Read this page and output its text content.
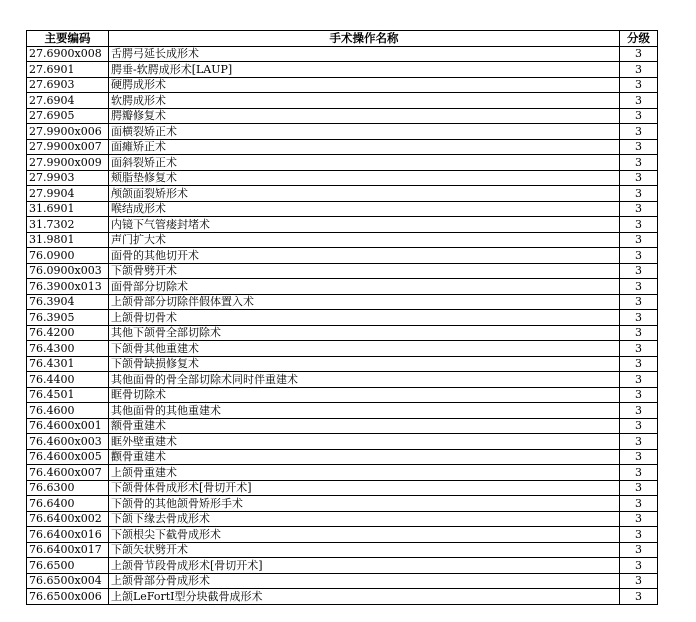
主要编码	手术操作名称	分级
27.6900x008	舌腭弓延长成形术	3
27.6901	腭垂-软腭成形术[LAUP]	3
27.6903	硬腭成形术	3
27.6904	软腭成形术	3
27.6905	腭瓣修复术	3
27.9900x006	面横裂矫正术	3
27.9900x007	面瘫矫正术	3
27.9900x009	面斜裂矫正术	3
27.9903	颊脂垫修复术	3
27.9904	颅颌面裂矫形术	3
31.6901	喉结成形术	3
31.7302	内镜下气管瘘封堵术	3
31.9801	声门扩大术	3
76.0900	面骨的其他切开术	3
76.0900x003	下颌骨劈开术	3
76.3900x013	面骨部分切除术	3
76.3904	上颌骨部分切除伴假体置入术	3
76.3905	上颌骨切骨术	3
76.4200	其他下颌骨全部切除术	3
76.4300	下颌骨其他重建术	3
76.4301	下颌骨缺损修复术	3
76.4400	其他面骨的骨全部切除术同时伴重建术	3
76.4501	眶骨切除术	3
76.4600	其他面骨的其他重建术	3
76.4600x001	额骨重建术	3
76.4600x003	眶外壁重建术	3
76.4600x005	颧骨重建术	3
76.4600x007	上颌骨重建术	3
76.6300	下颌骨体骨成形术[骨切开术]	3
76.6400	下颌骨的其他颌骨矫形手术	3
76.6400x002	下颌下缘去骨成形术	3
76.6400x016	下颌根尖下截骨成形术	3
76.6400x017	下颌矢状劈开术	3
76.6500	上颌骨节段骨成形术[骨切开术]	3
76.6500x004	上颌骨部分骨成形术	3
76.6500x006	上颌LeFortⅠ型分块截骨成形术	3
